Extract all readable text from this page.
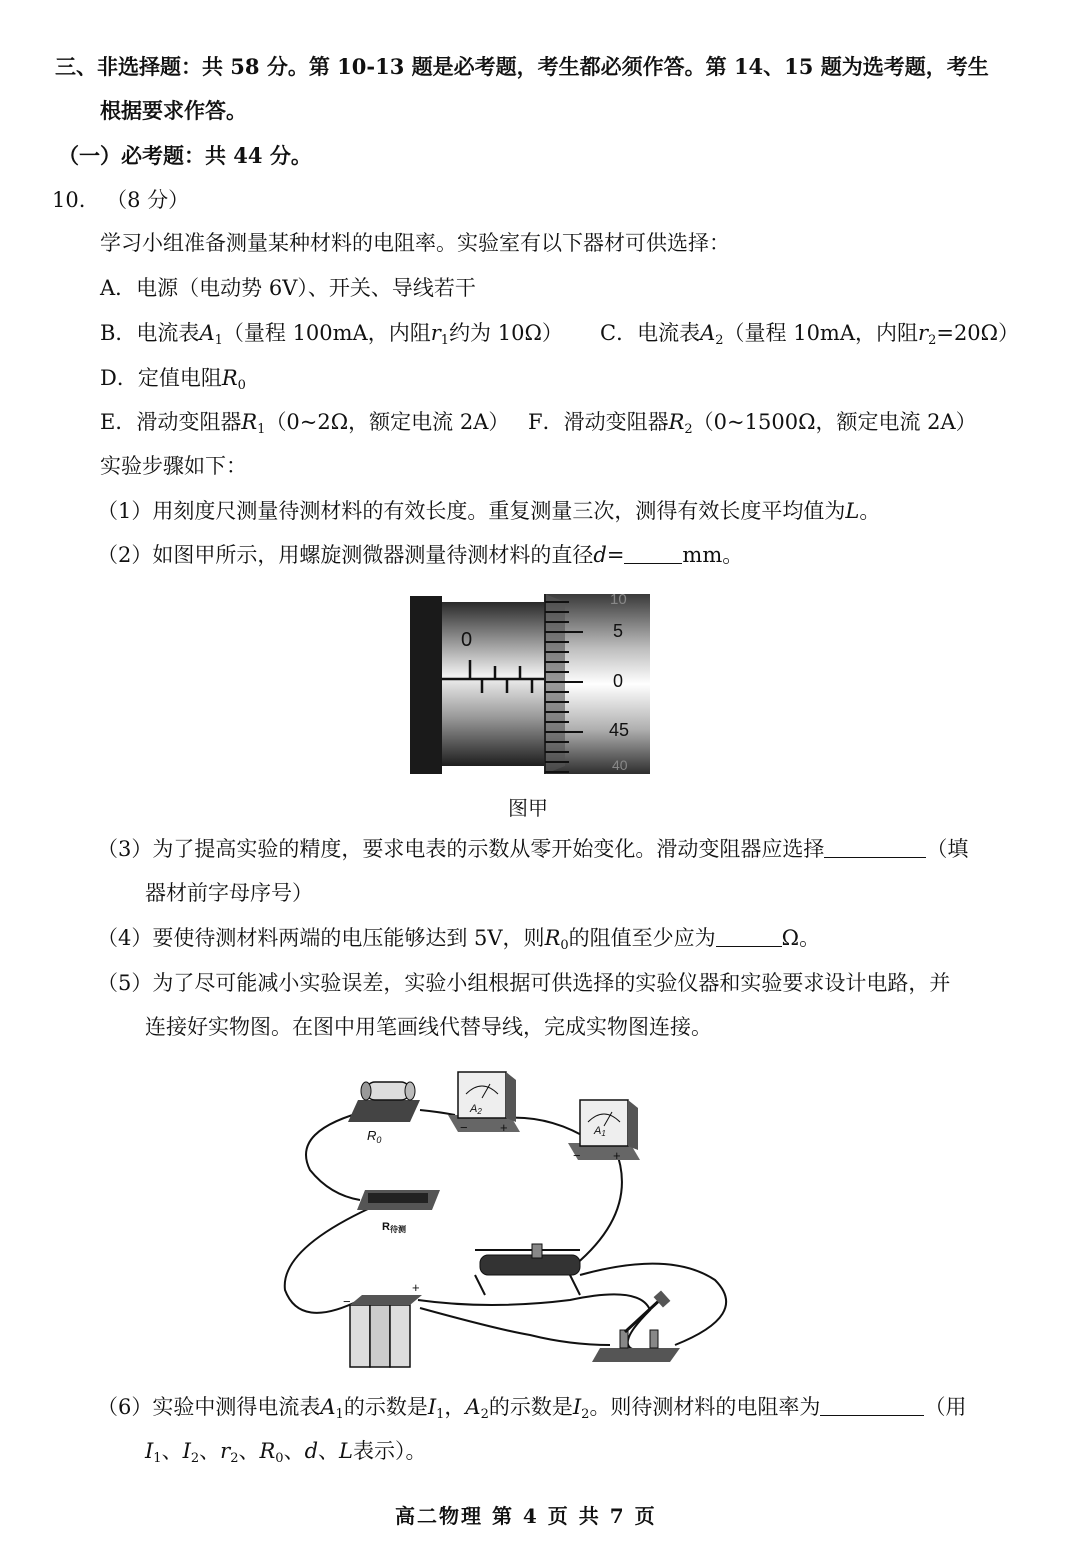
三、非选择题：共 58 分。第 10-13 题是必考题，考生都必须作答。第 14、15 题为选考题，考生
根据要求作答。
（一）必考题：共 44 分。
10. （8 分）
学习小组准备测量某种材料的电阻率。实验室有以下器材可供选择：
A．电源（电动势 6V）、开关、导线若干
B．电流表$A_1$（量程 100mA，内阻$r_1$约为 10Ω） C．电流表$A_2$（量程 10mA，内阻$r_2=20\Omega$）
D．定值电阻$R_0$
E．滑动变阻器$R_1(0\sim 2\Omega$，额定电流 2A） F．滑动变阻器$R_2(0\sim 1500\Omega$，额定电流 2A）
实验步骤如下：
（1）用刻度尺测量待测材料的有效长度。重复测量三次，测得有效长度平均值为L。
（2）如图甲所示，用螺旋测微器测量待测材料的直径d=	mm。
0
10
5
0
45
40
图甲
（3）为了提高实验的精度，要求电表的示数从零开始变化。滑动变阻器应选择	（填
器材前字母序号）
（4）要使待测材料两端的电压能够达到 5V，则$R_0$的阻值至少应为	Ω。
（5）为了尽可能减小实验误差，实验小组根据可供选择的实验仪器和实验要求设计电路，并
连接好实物图。在图中用笔画线代替导线，完成实物图连接。
$R_0$
A2
− +	A1
− +
R待测
−
+
（6）实验中测得电流表$A_1$的示数是$I_1$，$A_2$的示数是$I_2$。则待测材料的电阻率为	（用
$I_1$、$I_2$、$r_2$、$R_0$、d、L表示）。
高二物理 第 4 页 共 7 页
